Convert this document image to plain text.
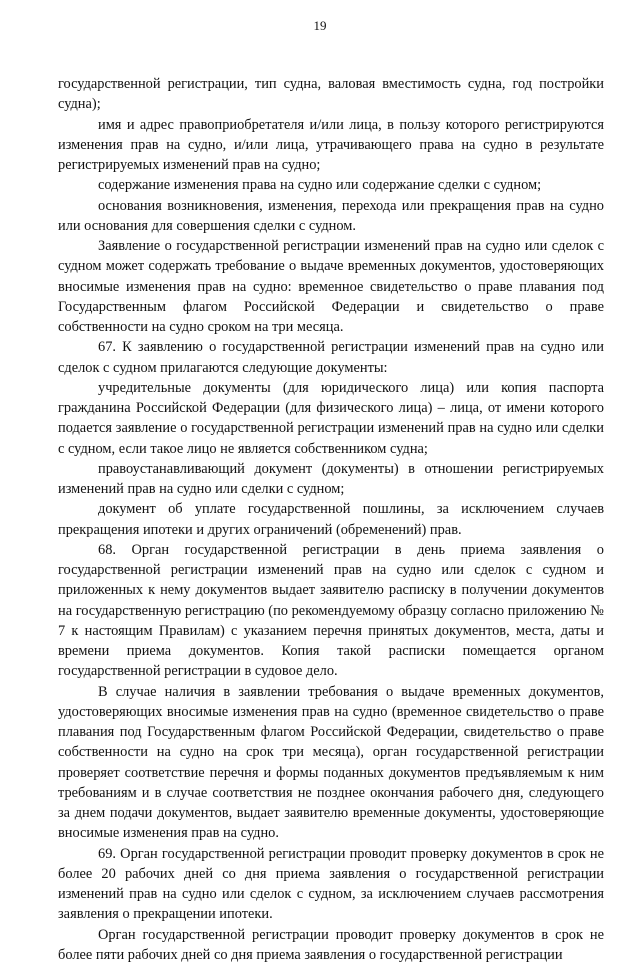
19

государственной регистрации, тип судна, валовая вместимость судна, год постройки судна);

имя и адрес правоприобретателя и/или лица, в пользу которого регистрируются изменения прав на судно, и/или лица, утрачивающего права на судно в результате регистрируемых изменений прав на судно;

содержание изменения права на судно или содержание сделки с судном;

основания возникновения, изменения, перехода или прекращения прав на судно или основания для совершения сделки с судном.

Заявление о государственной регистрации изменений прав на судно или сделок с судном может содержать требование о выдаче временных документов, удостоверяющих вносимые изменения прав на судно: временное свидетельство о праве плавания под Государственным флагом Российской Федерации и свидетельство о праве собственности на судно сроком на три месяца.

67. К заявлению о государственной регистрации изменений прав на судно или сделок с судном прилагаются следующие документы:

учредительные документы (для юридического лица) или копия паспорта гражданина Российской Федерации (для физического лица) – лица, от имени которого подается заявление о государственной регистрации изменений прав на судно или сделки с судном, если такое лицо не является собственником судна;

правоустанавливающий документ (документы) в отношении регистрируемых изменений прав на судно или сделки с судном;

документ об уплате государственной пошлины, за исключением случаев прекращения ипотеки и других ограничений (обременений) прав.

68. Орган государственной регистрации в день приема заявления о государственной регистрации изменений прав на судно или сделок с судном и приложенных к нему документов выдает заявителю расписку в получении документов на государственную регистрацию (по рекомендуемому образцу согласно приложению № 7 к настоящим Правилам) с указанием перечня принятых документов, места, даты и времени приема документов. Копия такой расписки помещается органом государственной регистрации в судовое дело.

В случае наличия в заявлении требования о выдаче временных документов, удостоверяющих вносимые изменения прав на судно (временное свидетельство о праве плавания под Государственным флагом Российской Федерации, свидетельство о праве собственности на судно на срок три месяца), орган государственной регистрации проверяет соответствие перечня и формы поданных документов предъявляемым к ним требованиям и в случае соответствия не позднее окончания рабочего дня, следующего за днем подачи документов, выдает заявителю временные документы, удостоверяющие вносимые изменения прав на судно.

69. Орган государственной регистрации проводит проверку документов в срок не более 20 рабочих дней со дня приема заявления о государственной регистрации изменений прав на судно или сделок с судном, за исключением случаев рассмотрения заявления о прекращении ипотеки.

Орган государственной регистрации проводит проверку документов в срок не более пяти рабочих дней со дня приема заявления о государственной регистрации
